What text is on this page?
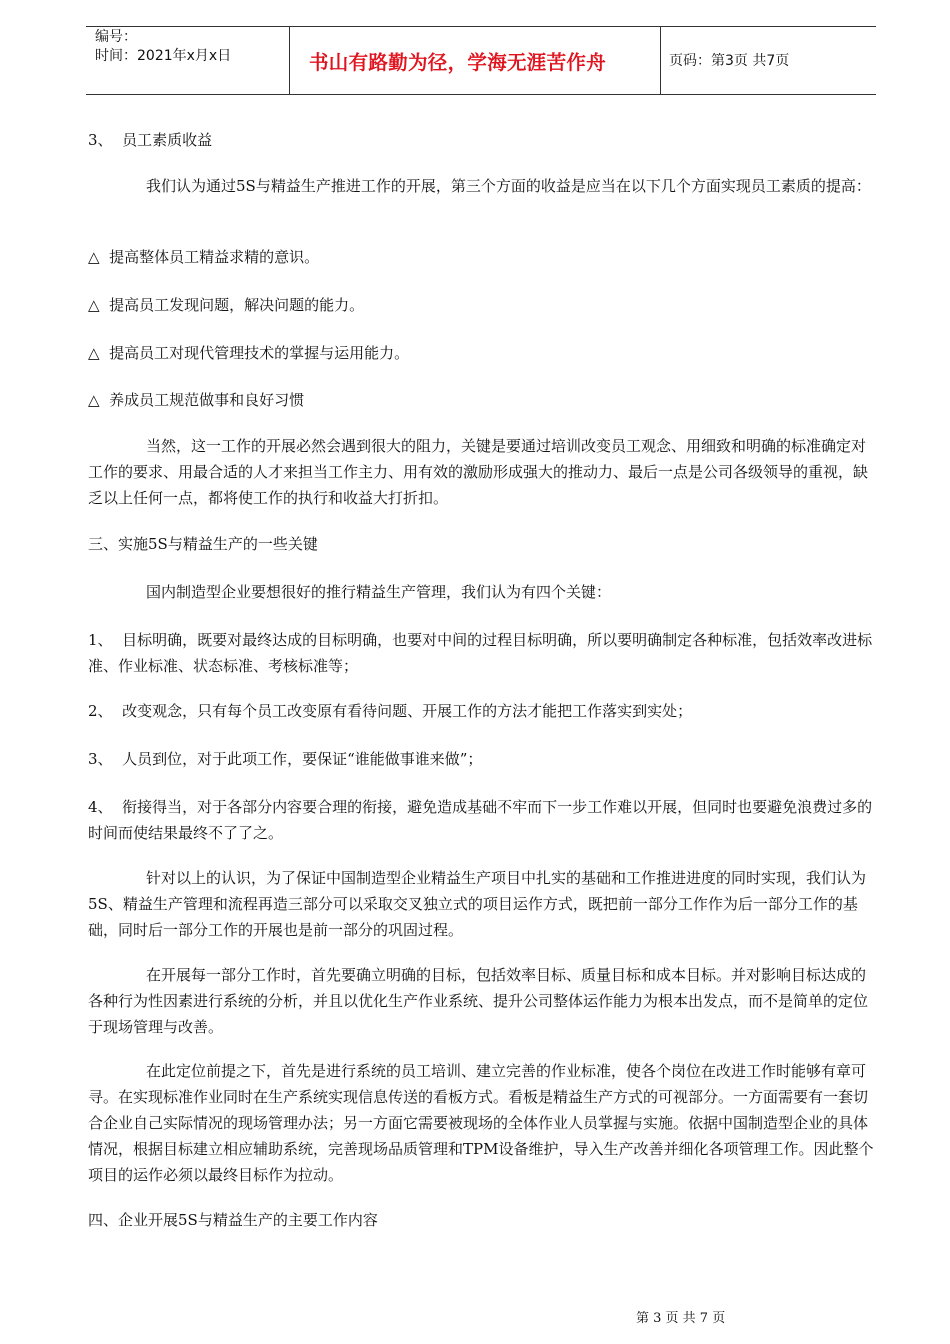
编号：
时间：2021年x月x日	书山有路勤为径，学海无涯苦作舟	页码：第3页 共7页

3、  员工素质收益

我们认为通过5S与精益生产推进工作的开展，第三个方面的收益是应当在以下几个方面实现员工素质的提高：

△  提高整体员工精益求精的意识。

△  提高员工发现问题，解决问题的能力。

△  提高员工对现代管理技术的掌握与运用能力。

△  养成员工规范做事和良好习惯

当然，这一工作的开展必然会遇到很大的阻力，关键是要通过培训改变员工观念、用细致和明确的标准确定对工作的要求、用最合适的人才来担当工作主力、用有效的激励形成强大的推动力、最后一点是公司各级领导的重视，缺乏以上任何一点，都将使工作的执行和收益大打折扣。

三、实施5S与精益生产的一些关键

国内制造型企业要想很好的推行精益生产管理，我们认为有四个关键：

1、  目标明确，既要对最终达成的目标明确，也要对中间的过程目标明确，所以要明确制定各种标准，包括效率改进标准、作业标准、状态标准、考核标准等；

2、  改变观念，只有每个员工改变原有看待问题、开展工作的方法才能把工作落实到实处；

3、  人员到位，对于此项工作，要保证“谁能做事谁来做”；

4、  衔接得当，对于各部分内容要合理的衔接，避免造成基础不牢而下一步工作难以开展，但同时也要避免浪费过多的时间而使结果最终不了了之。

针对以上的认识，为了保证中国制造型企业精益生产项目中扎实的基础和工作推进进度的同时实现，我们认为5S、精益生产管理和流程再造三部分可以采取交叉独立式的项目运作方式，既把前一部分工作作为后一部分工作的基础，同时后一部分工作的开展也是前一部分的巩固过程。

在开展每一部分工作时，首先要确立明确的目标，包括效率目标、质量目标和成本目标。并对影响目标达成的各种行为性因素进行系统的分析，并且以优化生产作业系统、提升公司整体运作能力为根本出发点，而不是简单的定位于现场管理与改善。

在此定位前提之下，首先是进行系统的员工培训、建立完善的作业标准，使各个岗位在改进工作时能够有章可寻。在实现标准作业同时在生产系统实现信息传送的看板方式。看板是精益生产方式的可视部分。一方面需要有一套切合企业自己实际情况的现场管理办法；另一方面它需要被现场的全体作业人员掌握与实施。依据中国制造型企业的具体情况，根据目标建立相应辅助系统，完善现场品质管理和TPM设备维护，导入生产改善并细化各项管理工作。因此整个项目的运作必须以最终目标作为拉动。

四、企业开展5S与精益生产的主要工作内容

第 3 页 共 7 页
